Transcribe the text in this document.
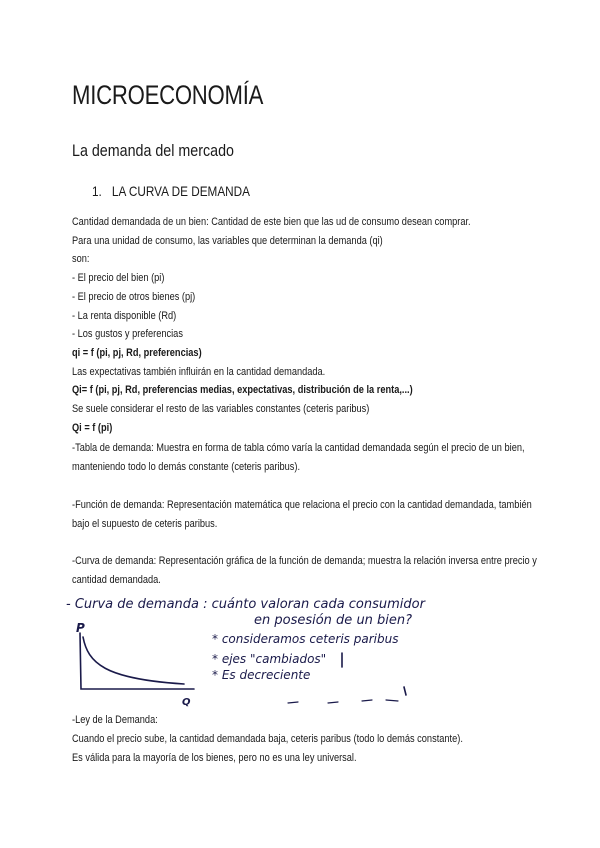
MICROECONOMÍA
La demanda del mercado
1. LA CURVA DE DEMANDA

Cantidad demandada de un bien: Cantidad de este bien que las ud de consumo desean comprar.

Para una unidad de consumo, las variables que determinan la demanda (qi)

son:

- El precio del bien (pi)

- El precio de otros bienes (pj)

- La renta disponible (Rd)

- Los gustos y preferencias

qi = f (pi, pj, Rd, preferencias)

Las expectativas también influirán en la cantidad demandada.

Qi= f (pi, pj, Rd, preferencias medias, expectativas, distribución de la renta,...)

Se suele considerar el resto de las variables constantes (ceteris paribus)

Qi = f (pi)

-Tabla de demanda: Muestra en forma de tabla cómo varía la cantidad demandada según el precio de un bien,

manteniendo todo lo demás constante (ceteris paribus).

-Función de demanda: Representación matemática que relaciona el precio con la cantidad demandada, también

bajo el supuesto de ceteris paribus.

-Curva de demanda: Representación gráfica de la función de demanda; muestra la relación inversa entre precio y

cantidad demandada.

- Curva de demanda : cuánto valoran cada consumidor
en posesión de un bien?
P
Q
* consideramos ceteris paribus
* ejes "cambiados"
* Es decreciente

-Ley de la Demanda:

Cuando el precio sube, la cantidad demandada baja, ceteris paribus (todo lo demás constante).

Es válida para la mayoría de los bienes, pero no es una ley universal.
